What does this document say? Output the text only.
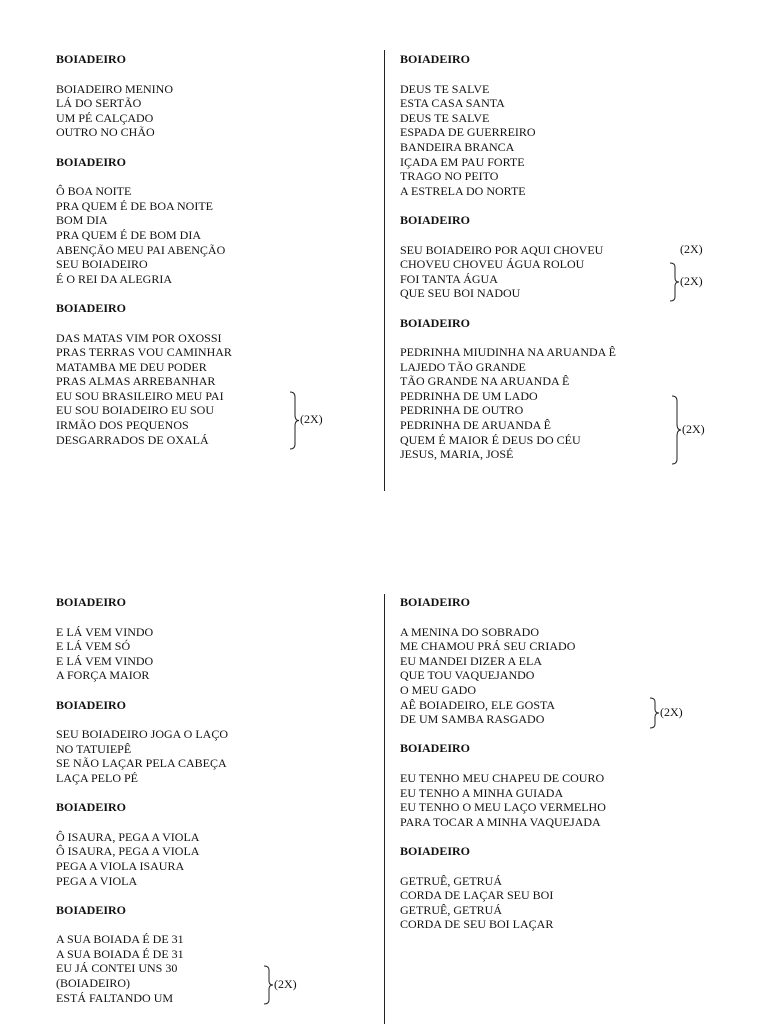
BOIADEIRO
BOIADEIRO MENINO
LÁ DO SERTÃO
UM PÉ CALÇADO
OUTRO NO CHÃO
BOIADEIRO
Ô BOA NOITE
PRA QUEM É DE BOA NOITE
BOM DIA
PRA QUEM É DE BOM DIA
ABENÇÃO MEU PAI ABENÇÃO
SEU BOIADEIRO
É O REI DA ALEGRIA
BOIADEIRO
DAS MATAS VIM POR OXOSSI
PRAS TERRAS VOU CAMINHAR
MATAMBA ME DEU PODER
PRAS ALMAS ARREBANHAR
EU SOU BRASILEIRO MEU PAI
EU SOU BOIADEIRO EU SOU
IRMÃO DOS PEQUENOS
DESGARRADOS DE OXALÁ
BOIADEIRO
DEUS TE SALVE
ESTA CASA SANTA
DEUS TE SALVE
ESPADA DE GUERREIRO
BANDEIRA BRANCA
IÇADA EM PAU FORTE
TRAGO NO PEITO
A ESTRELA DO NORTE
BOIADEIRO
SEU BOIADEIRO POR AQUI CHOVEU
CHOVEU CHOVEU ÁGUA ROLOU
FOI TANTA ÁGUA
QUE SEU BOI NADOU
BOIADEIRO
PEDRINHA MIUDINHA NA ARUANDA Ê
LAJEDO TÃO GRANDE
TÃO GRANDE NA ARUANDA Ê
PEDRINHA DE UM LADO
PEDRINHA DE OUTRO
PEDRINHA DE ARUANDA Ê
QUEM É MAIOR É DEUS DO CÉU
JESUS, MARIA, JOSÉ
BOIADEIRO
E LÁ VEM VINDO
E LÁ VEM SÓ
E LÁ VEM VINDO
A FORÇA MAIOR
BOIADEIRO
SEU BOIADEIRO JOGA O LAÇO
NO TATUIEPÊ
SE NÃO LAÇAR PELA CABEÇA
LAÇA PELO PÉ
BOIADEIRO
Ô ISAURA, PEGA A VIOLA
Ô ISAURA, PEGA A VIOLA
PEGA A VIOLA ISAURA
PEGA A VIOLA
BOIADEIRO
A SUA BOIADA É DE 31
A SUA BOIADA É DE 31
EU JÁ CONTEI UNS 30
(BOIADEIRO)
ESTÁ FALTANDO UM
BOIADEIRO
A MENINA DO SOBRADO
ME CHAMOU PRÁ SEU CRIADO
EU MANDEI DIZER A ELA
QUE TOU VAQUEJANDO
O MEU GADO
AÊ BOIADEIRO, ELE GOSTA
DE UM SAMBA RASGADO
BOIADEIRO
EU TENHO MEU CHAPEU DE COURO
EU TENHO A MINHA GUIADA
EU TENHO O MEU LAÇO VERMELHO
PARA TOCAR A MINHA VAQUEJADA
BOIADEIRO
GETRUÊ, GETRUÁ
CORDA DE LAÇAR SEU BOI
GETRUÊ, GETRUÁ
CORDA DE SEU BOI LAÇAR
(2X)
(2X)
(2X)
(2X)
(2X)
(2X)
